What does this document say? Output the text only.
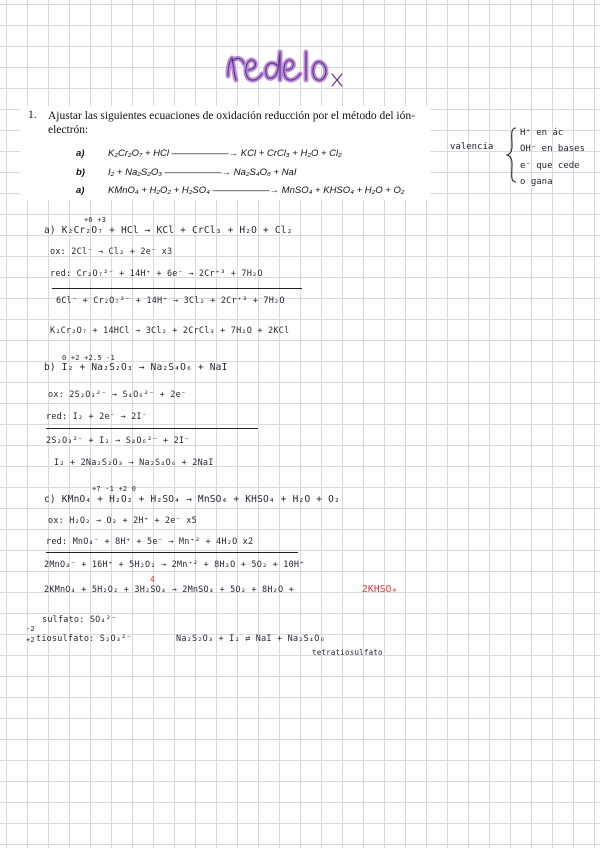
1. Ajustar las siguientes ecuaciones de oxidación reducción por el método del ión-electrón:
a) K₂Cr₂O₇ + HCl ——————→ KCl + CrCl₃ + H₂O + Cl₂
b) I₂ + Na₂S₂O₃ ——————→ Na₂S₄O₆ + NaI
a) KMnO₄ + H₂O₂ + H₂SO₄ ——————→ MnSO₄ + KHSO₄ + H₂O + O₂
valencia
H⁺ en ác
OH⁻ en bases
e⁻ que cede
o gana
+6 +3
a) K₂Cr₂O₇ + HCl → KCl + CrCl₃ + H₂O + Cl₂
ox: 2Cl⁻ → Cl₂ + 2e⁻ x3
red: Cr₂O₇²⁻ + 14H⁺ + 6e⁻ → 2Cr⁺³ + 7H₂O
6Cl⁻ + Cr₂O₇²⁻ + 14H⁺ → 3Cl₂ + 2Cr⁺³ + 7H₂O
K₂Cr₂O₇ + 14HCl → 3Cl₂ + 2CrCl₃ + 7H₂O + 2KCl
0 +2 +2.5 -1
b) I₂ + Na₂S₂O₃ → Na₂S₄O₆ + NaI
ox: 2S₂O₃²⁻ → S₄O₆²⁻ + 2e⁻
red: I₂ + 2e⁻ → 2I⁻
2S₂O₃²⁻ + I₂ → S₄O₆²⁻ + 2I⁻
I₂ + 2Na₂S₂O₃ → Na₂S₄O₆ + 2NaI
+7 -1 +2 0
c) KMnO₄ + H₂O₂ + H₂SO₄ → MnSO₄ + KHSO₄ + H₂O + O₂
ox: H₂O₂ → O₂ + 2H⁺ + 2e⁻ x5
red: MnO₄⁻ + 8H⁺ + 5e⁻ → Mn⁺² + 4H₂O x2
2MnO₄⁻ + 16H⁺ + 5H₂O₂ → 2Mn⁺² + 8H₂O + 5O₂ + 10H⁺
4
2KMnO₄ + 5H₂O₂ + 3H₂SO₄ → 2MnSO₄ + 5O₂ + 8H₂O +	2KHSO₄
-2
+2
sulfato: SO₄²⁻
tiosulfato: S₂O₃²⁻	Na₂S₂O₃ + I₂ ⇄ NaI + Na₂S₄O₆
tetratiosulfato
